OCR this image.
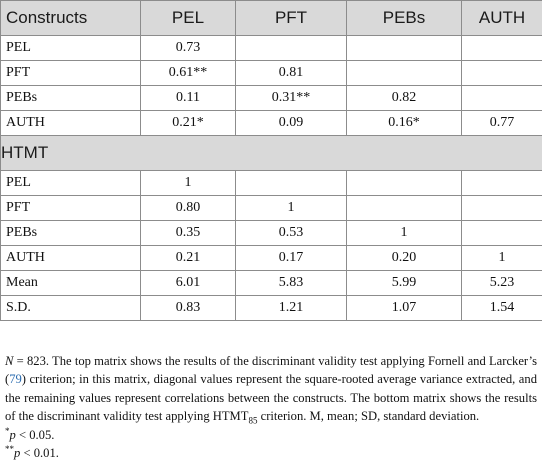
Constructs	PEL	PFT	PEBs	AUTH
PEL	0.73			
PFT	0.61**	0.81		
PEBs	0.11	0.31**	0.82	
AUTH	0.21*	0.09	0.16*	0.77
HTMT				
PEL	1			
PFT	0.80	1		
PEBs	0.35	0.53	1	
AUTH	0.21	0.17	0.20	1
Mean	6.01	5.83	5.99	5.23
S.D.	0.83	1.21	1.07	1.54

N = 823. The top matrix shows the results of the discriminant validity test applying Fornell and Larcker’s (79) criterion; in this matrix, diagonal values represent the square-rooted average variance extracted, and the remaining values represent correlations between the constructs. The bottom matrix shows the results of the discriminant validity test applying $HTMT_{85}$ criterion. M, mean; SD, standard deviation.

*p < 0.05.

**p < 0.01.
